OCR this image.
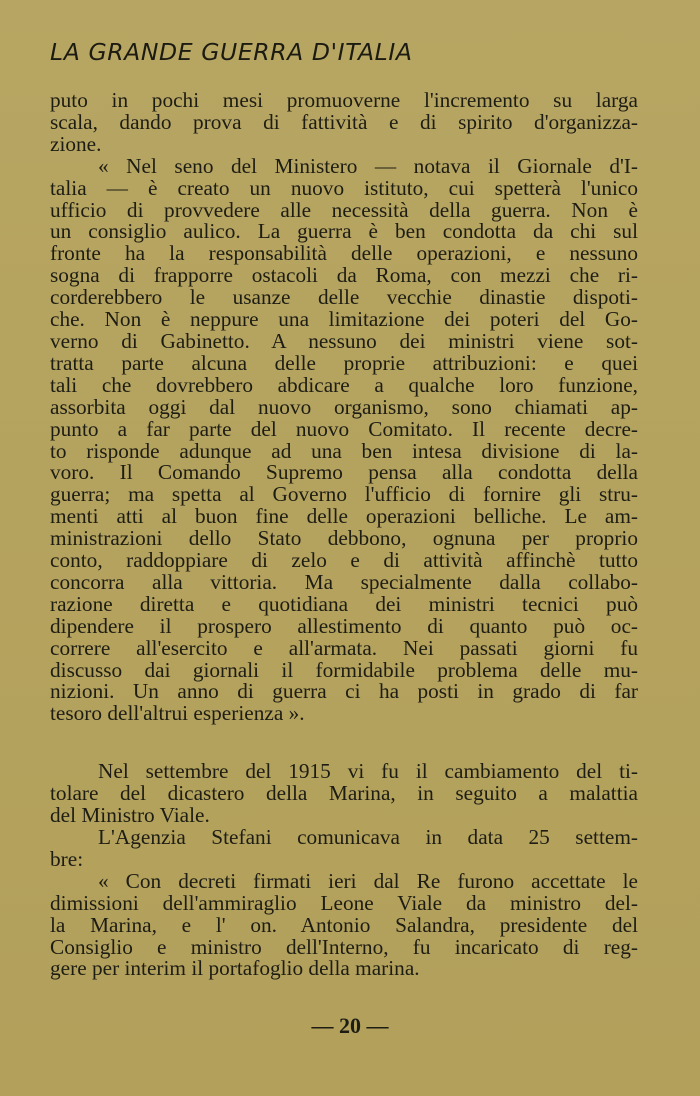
LA GRANDE GUERRA D'ITALIA
puto in pochi mesi promuoverne l'incremento su larga
scala, dando prova di fattività e di spirito d'organizza-
zione.
« Nel seno del Ministero — notava il Giornale d'I-
talia — è creato un nuovo istituto, cui spetterà l'unico
ufficio di provvedere alle necessità della guerra. Non è
un consiglio aulico. La guerra è ben condotta da chi sul
fronte ha la responsabilità delle operazioni, e nessuno
sogna di frapporre ostacoli da Roma, con mezzi che ri-
corderebbero le usanze delle vecchie dinastie dispoti-
che. Non è neppure una limitazione dei poteri del Go-
verno di Gabinetto. A nessuno dei ministri viene sot-
tratta parte alcuna delle proprie attribuzioni: e quei
tali che dovrebbero abdicare a qualche loro funzione,
assorbita oggi dal nuovo organismo, sono chiamati ap-
punto a far parte del nuovo Comitato. Il recente decre-
to risponde adunque ad una ben intesa divisione di la-
voro. Il Comando Supremo pensa alla condotta della
guerra; ma spetta al Governo l'ufficio di fornire gli stru-
menti atti al buon fine delle operazioni belliche. Le am-
ministrazioni dello Stato debbono, ognuna per proprio
conto, raddoppiare di zelo e di attività affinchè tutto
concorra alla vittoria. Ma specialmente dalla collabo-
razione diretta e quotidiana dei ministri tecnici può
dipendere il prospero allestimento di quanto può oc-
correre all'esercito e all'armata. Nei passati giorni fu
discusso dai giornali il formidabile problema delle mu-
nizioni. Un anno di guerra ci ha posti in grado di far
tesoro dell'altrui esperienza ».
Nel settembre del 1915 vi fu il cambiamento del ti-
tolare del dicastero della Marina, in seguito a malattia
del Ministro Viale.
L'Agenzia Stefani comunicava in data 25 settem-
bre:
« Con decreti firmati ieri dal Re furono accettate le
dimissioni dell'ammiraglio Leone Viale da ministro del-
la Marina, e l' on. Antonio Salandra, presidente del
Consiglio e ministro dell'Interno, fu incaricato di reg-
gere per interim il portafoglio della marina.
— 20 —
